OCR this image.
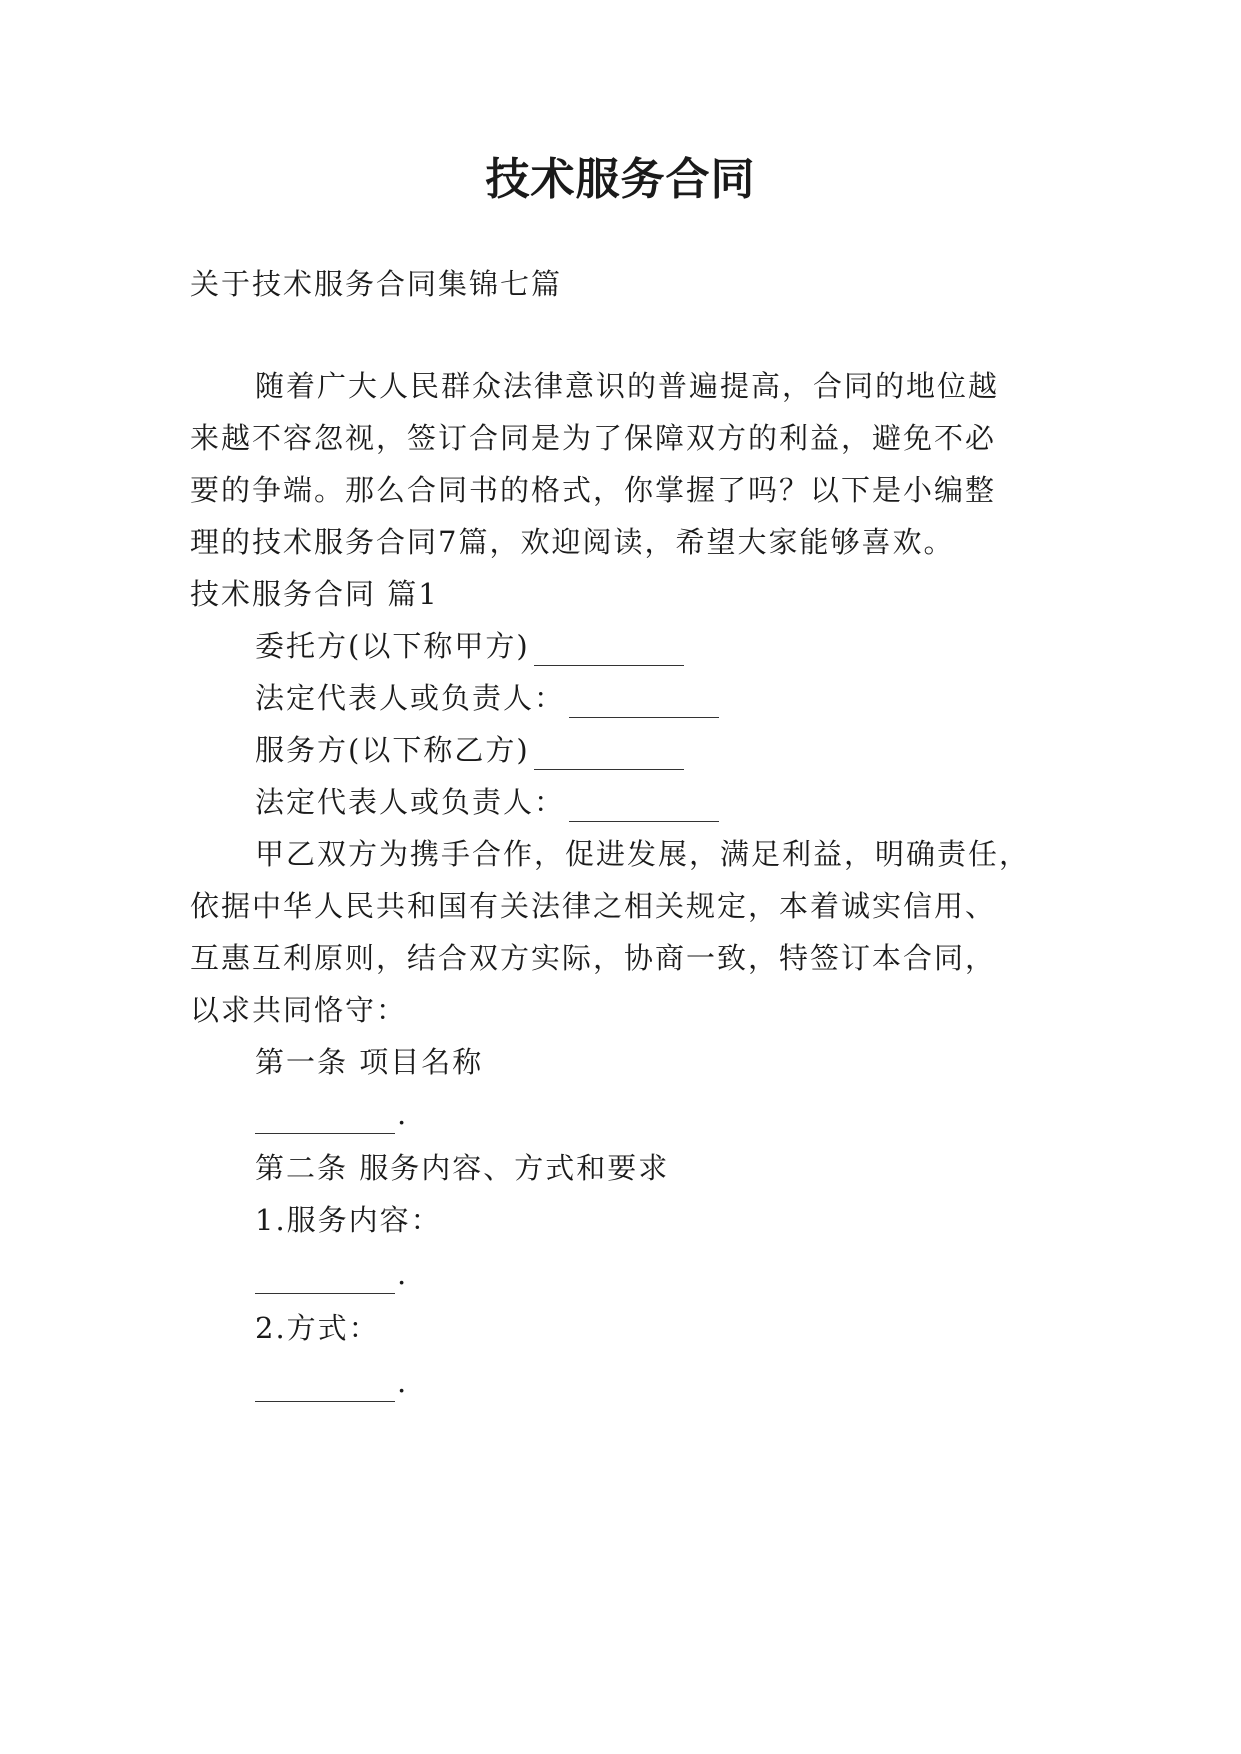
技术服务合同
关于技术服务合同集锦七篇
随着广大人民群众法律意识的普遍提高，合同的地位越
来越不容忽视，签订合同是为了保障双方的利益，避免不必
要的争端。那么合同书的格式，你掌握了吗？以下是小编整
理的技术服务合同7篇，欢迎阅读，希望大家能够喜欢。
技术服务合同 篇1
委托方(以下称甲方)
法定代表人或负责人：
服务方(以下称乙方)
法定代表人或负责人：
甲乙双方为携手合作，促进发展，满足利益，明确责任，
依据中华人民共和国有关法律之相关规定，本着诚实信用、
互惠互利原则，结合双方实际，协商一致，特签订本合同，
以求共同恪守：
第一条 项目名称
.
第二条 服务内容、方式和要求
1.服务内容：
.
2.方式：
.
